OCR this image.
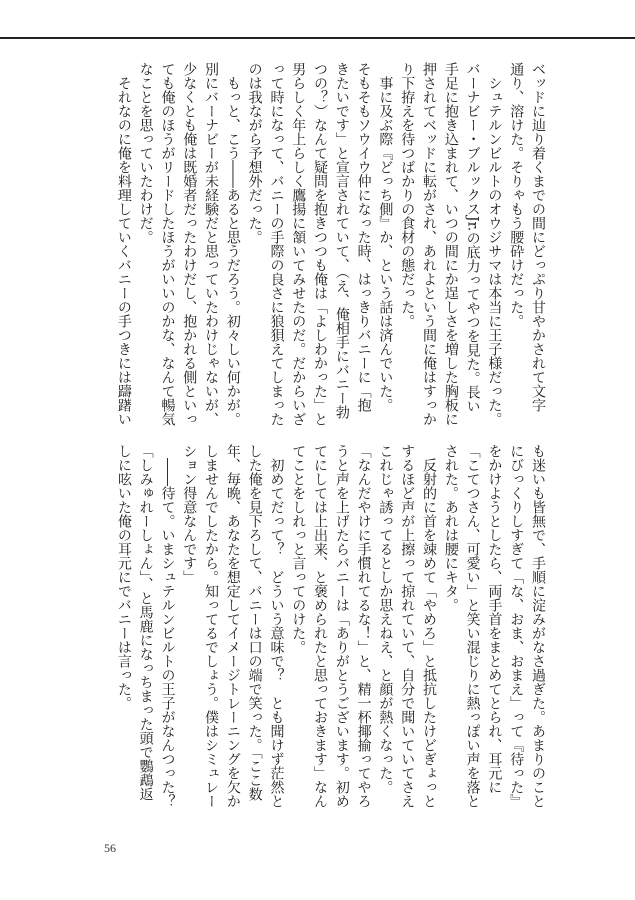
ベッドに辿り着くまでの間にどっぷり甘やかされて文字
通り、溶けた。そりゃもう腰砕けだった。
　シュテルンビルトのオウジサマは本当に王子様だった。
バーナビー・ブルックスJr.の底力ってやつを見た。長い
手足に抱き込まれて、いつの間にか逞しさを増した胸板に
押されてベッドに転がされ、あれよという間に俺はすっか
り下拵えを待つばかりの食材の態だった。
　事に及ぶ際『どっち側』か、という話は済んでいた。
そもそもソウイウ仲になった時、はっきりバニーに「抱
きたいです」と宣言されていて、（え、俺相手にバニー勃
つの？）なんて疑問を抱きつつも俺は「よしわかった」と
男らしく年上らしく鷹揚に頷いてみせたのだ。だからいざ
って時になって、バニーの手際の良さに狼狽えてしまった
のは我ながら予想外だった。
　もっと、こう――あると思うだろう。初々しい何かが。
別にバーナビーが未経験だと思っていたわけじゃないが、
少なくとも俺は既婚者だったわけだし、抱かれる側といっ
ても俺のほうがリードしたほうがいいのかな、なんて暢気
なことを思っていたわけだ。
　それなのに俺を料理していくバニーの手つきには躊躇い
も迷いも皆無で、手順に淀みがなさ過ぎた。あまりのこと
にびっくりしすぎて「な、おま、おまえ」って『待った』
をかけようとしたら、両手首をまとめてとられ、耳元に
「こてつさん、可愛い」と笑い混じりに熱っぽい声を落と
された。あれは腰にキタ。
　反射的に首を竦めて「やめろ」と抵抗したけどぎょっと
するほど声が上擦って掠れていて、自分で聞いていてさえ
これじゃ誘ってるとしか思えねえ、と顔が熱くなった。
「なんだやけに手慣れてるな！」と、精一杯揶揄ってやろ
うと声を上げたらバニーは「ありがとうございます。初め
てにしては上出来、と褒められたと思っておきます」なん
てことをしれっと言ってのけた。
　初めてだって？　どういう意味で？　とも聞けず茫然と
した俺を見下ろして、バニーは口の端で笑った。「ここ数
年、毎晩、あなたを想定してイメージトレーニングを欠か
しませんでしたから。知ってるでしょう。僕はシミュレー
ション得意なんです」
　――待て。いまシュテルンビルトの王子がなんつった？
「しみゅれーしょん」、と馬鹿になっちまった頭で鸚鵡返
しに呟いた俺の耳元にでバニーは言った。
56
